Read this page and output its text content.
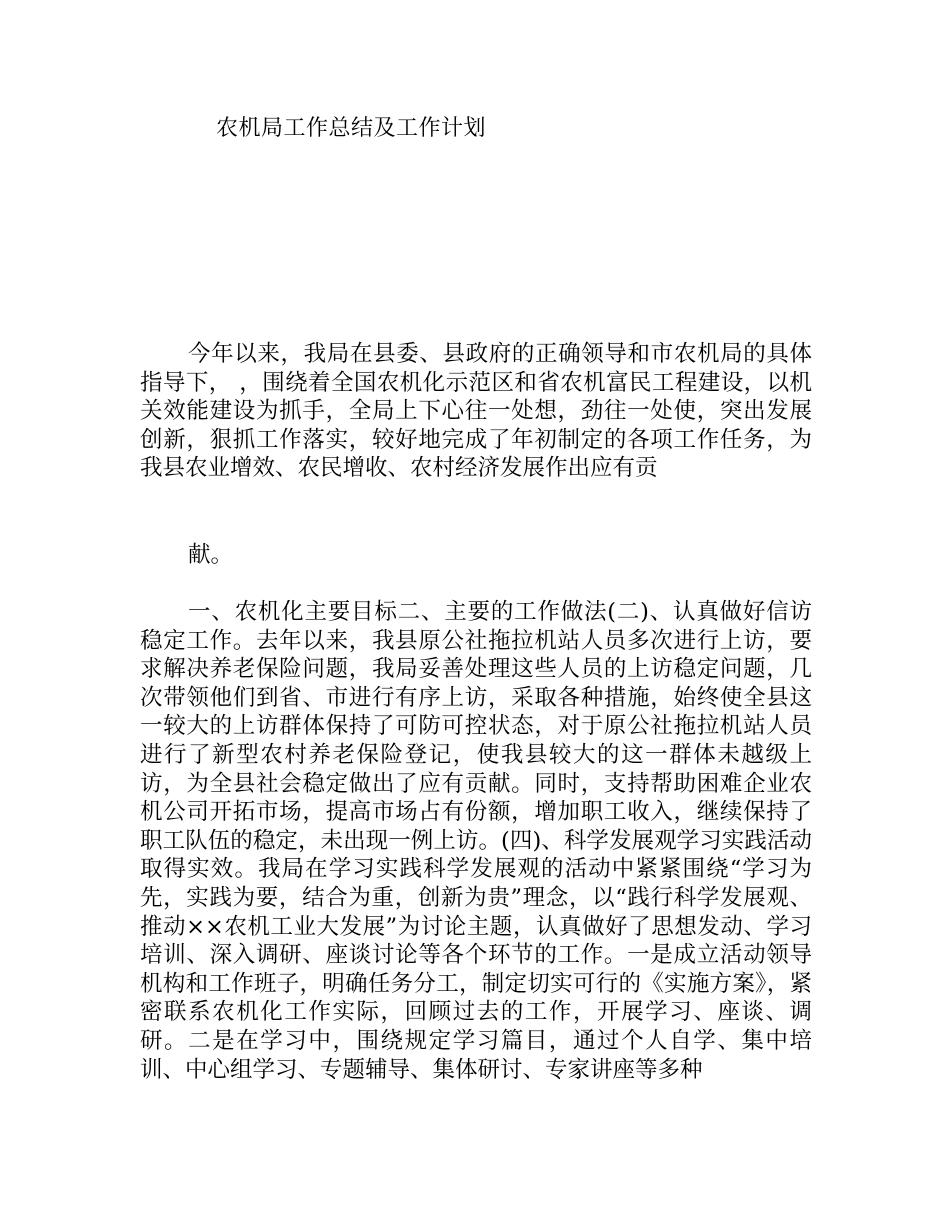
农机局工作总结及工作计划

今年以来，我局在县委、县政府的正确领导和市农机局的具体指导下， ，围绕着全国农机化示范区和省农机富民工程建设，以机关效能建设为抓手，全局上下心往一处想，劲往一处使，突出发展创新，狠抓工作落实，较好地完成了年初制定的各项工作任务，为我县农业增效、农民增收、农村经济发展作出应有贡

献。

一、农机化主要目标二、主要的工作做法(二)、认真做好信访稳定工作。去年以来，我县原公社拖拉机站人员多次进行上访，要求解决养老保险问题，我局妥善处理这些人员的上访稳定问题，几次带领他们到省、市进行有序上访，采取各种措施，始终使全县这一较大的上访群体保持了可防可控状态，对于原公社拖拉机站人员进行了新型农村养老保险登记，使我县较大的这一群体未越级上访，为全县社会稳定做出了应有贡献。同时，支持帮助困难企业农机公司开拓市场，提高市场占有份额，增加职工收入，继续保持了职工队伍的稳定，未出现一例上访。(四)、科学发展观学习实践活动取得实效。我局在学习实践科学发展观的活动中紧紧围绕“学习为先，实践为要，结合为重，创新为贵”理念，以“践行科学发展观、推动××农机工业大发展”为讨论主题，认真做好了思想发动、学习培训、深入调研、座谈讨论等各个环节的工作。一是成立活动领导机构和工作班子，明确任务分工，制定切实可行的《实施方案》，紧密联系农机化工作实际，回顾过去的工作，开展学习、座谈、调研。二是在学习中，围绕规定学习篇目，通过个人自学、集中培训、中心组学习、专题辅导、集体研讨、专家讲座等多种
